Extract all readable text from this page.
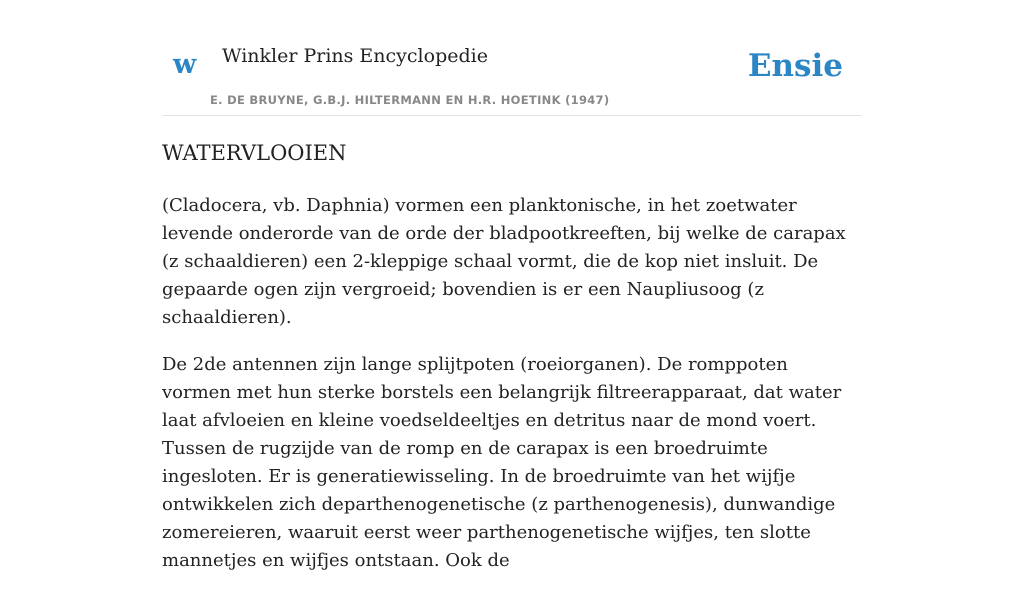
w Winkler Prins Encyclopedie	Ensie
E. DE BRUYNE, G.B.J. HILTERMANN EN H.R. HOETINK (1947)
WATERVLOOIEN

(Cladocera, vb. Daphnia) vormen een planktonische, in het zoetwater levende onderorde van de orde der bladpootkreeften, bij welke de carapax (z schaaldieren) een 2-kleppige schaal vormt, die de kop niet insluit. De gepaarde ogen zijn vergroeid; bovendien is er een Naupliusoog (z schaaldieren).

De 2de antennen zijn lange splijtpoten (roeiorganen). De romppoten vormen met hun sterke borstels een belangrijk filtreerapparaat, dat water laat afvloeien en kleine voedseldeeltjes en detritus naar de mond voert. Tussen de rugzijde van de romp en de carapax is een broedruimte ingesloten. Er is generatiewisseling. In de broedruimte van het wijfje ontwikkelen zich departhenogenetische (z parthenogenesis), dunwandige zomereieren, waaruit eerst weer parthenogenetische wijfjes, ten slotte mannetjes en wijfjes ontstaan. Ook de
